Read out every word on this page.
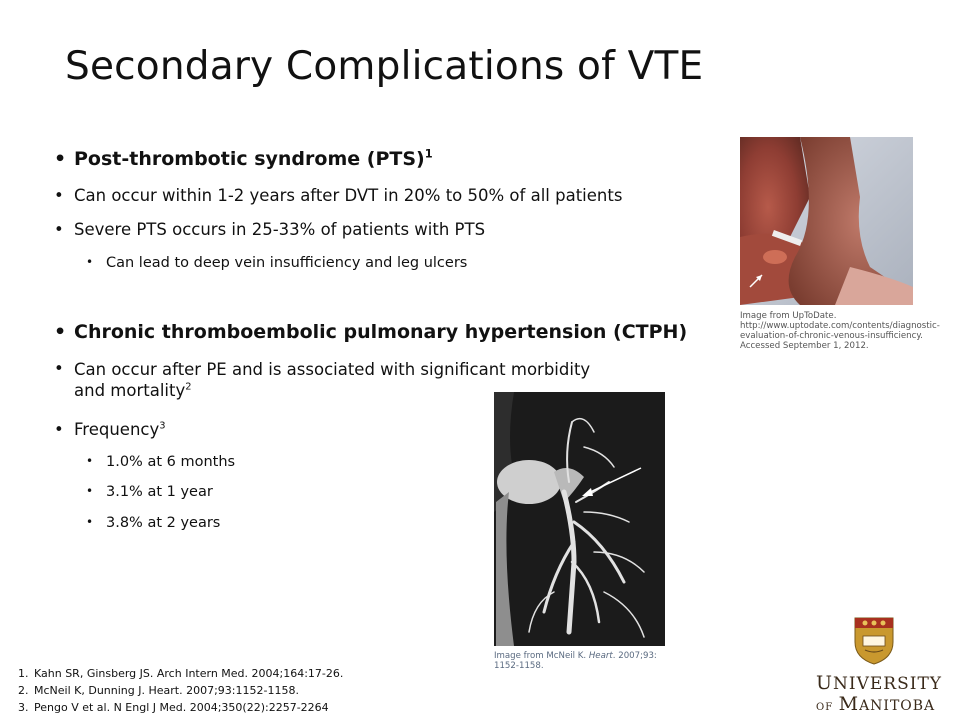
Secondary Complications of VTE
• Post-thrombotic syndrome (PTS)$^1$
• Can occur within 1-2 years after DVT in 20% to 50% of all patients
• Severe PTS occurs in 25-33% of patients with PTS
• Can lead to deep vein insufficiency and leg ulcers
• Chronic thromboembolic pulmonary hypertension (CTPH)
• Can occur after PE and is associated with significant morbidity and mortality$^2$
• Frequency$^3$
• 1.0% at 6 months
• 3.1% at 1 year
• 3.8% at 2 years
Image from UpToDate. http://www.uptodate.com/contents/diagnostic-evaluation-of-chronic-venous-insufficiency. Accessed September 1, 2012.
Image from McNeil K. Heart. 2007;93: 1152-1158.
1. Kahn SR, Ginsberg JS. Arch Intern Med. 2004;164:17-26.
2. McNeil K, Dunning J. Heart. 2007;93:1152-1158.
3. Pengo V et al. N Engl J Med. 2004;350(22):2257-2264
UNIVERSITY
OF MANITOBA
